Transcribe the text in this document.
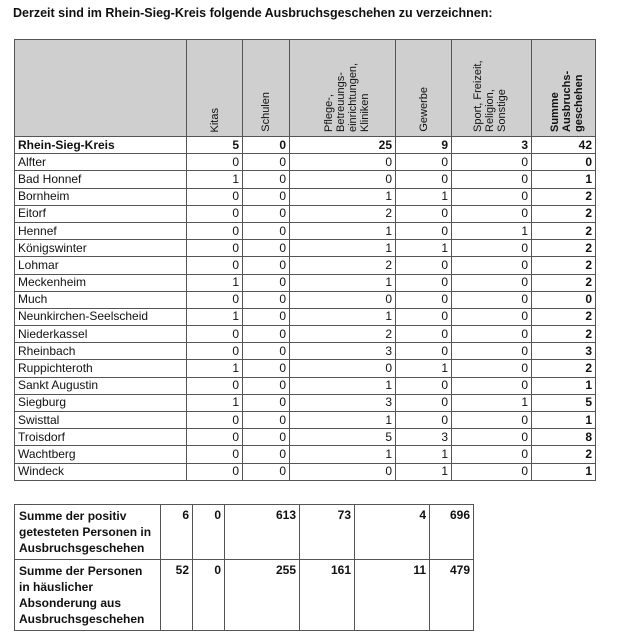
Derzeit sind im Rhein-Sieg-Kreis folgende Ausbruchsgeschehen zu verzeichnen:

	Kitas	Schulen	Pflege-, Betreuungs-einrichtungen, Kliniken	Gewerbe	Sport, Freizeit, Religion, Sonstige	Summe Ausbruchs-geschehen

Rhein-Sieg-Kreis	5	0	25	9	3	42
Alfter	0	0	0	0	0	0
Bad Honnef	1	0	0	0	0	1
Bornheim	0	0	1	1	0	2
Eitorf	0	0	2	0	0	2
Hennef	0	0	1	0	1	2
Königswinter	0	0	1	1	0	2
Lohmar	0	0	2	0	0	2
Meckenheim	1	0	1	0	0	2
Much	0	0	0	0	0	0
Neunkirchen-Seelscheid	1	0	1	0	0	2
Niederkassel	0	0	2	0	0	2
Rheinbach	0	0	3	0	0	3
Ruppichteroth	1	0	0	1	0	2
Sankt Augustin	0	0	1	0	0	1
Siegburg	1	0	3	0	1	5
Swisttal	0	0	1	0	0	1
Troisdorf	0	0	5	3	0	8
Wachtberg	0	0	1	1	0	2
Windeck	0	0	0	1	0	1
Summe der positiv getesteten Personen in Ausbruchsgeschehen	6	0	613	73	4	696
Summe der Personen in häuslicher Absonderung aus Ausbruchsgeschehen	52	0	255	161	11	479
